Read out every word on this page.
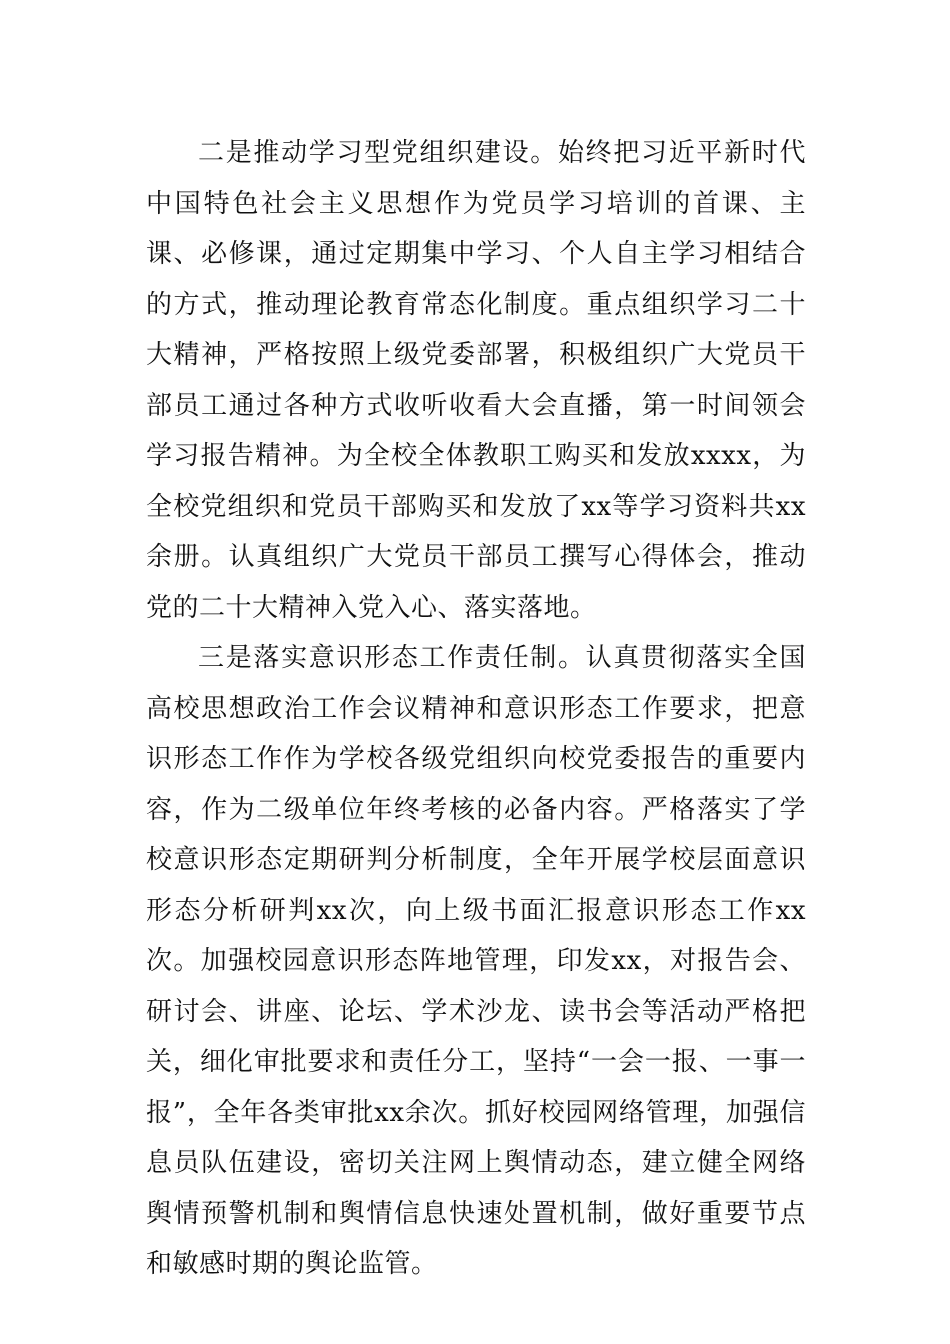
二是推动学习型党组织建设。始终把习近平新时代中国特色社会主义思想作为党员学习培训的首课、主课、必修课，通过定期集中学习、个人自主学习相结合的方式，推动理论教育常态化制度。重点组织学习二十大精神，严格按照上级党委部署，积极组织广大党员干部员工通过各种方式收听收看大会直播，第一时间领会学习报告精神。为全校全体教职工购买和发放xxxx，为全校党组织和党员干部购买和发放了xx等学习资料共xx余册。认真组织广大党员干部员工撰写心得体会，推动党的二十大精神入党入心、落实落地。

三是落实意识形态工作责任制。认真贯彻落实全国高校思想政治工作会议精神和意识形态工作要求，把意识形态工作作为学校各级党组织向校党委报告的重要内容，作为二级单位年终考核的必备内容。严格落实了学校意识形态定期研判分析制度，全年开展学校层面意识形态分析研判xx次，向上级书面汇报意识形态工作xx次。加强校园意识形态阵地管理，印发xx，对报告会、研讨会、讲座、论坛、学术沙龙、读书会等活动严格把关，细化审批要求和责任分工，坚持“一会一报、一事一报”，全年各类审批xx余次。抓好校园网络管理，加强信息员队伍建设，密切关注网上舆情动态，建立健全网络舆情预警机制和舆情信息快速处置机制，做好重要节点和敏感时期的舆论监管。
